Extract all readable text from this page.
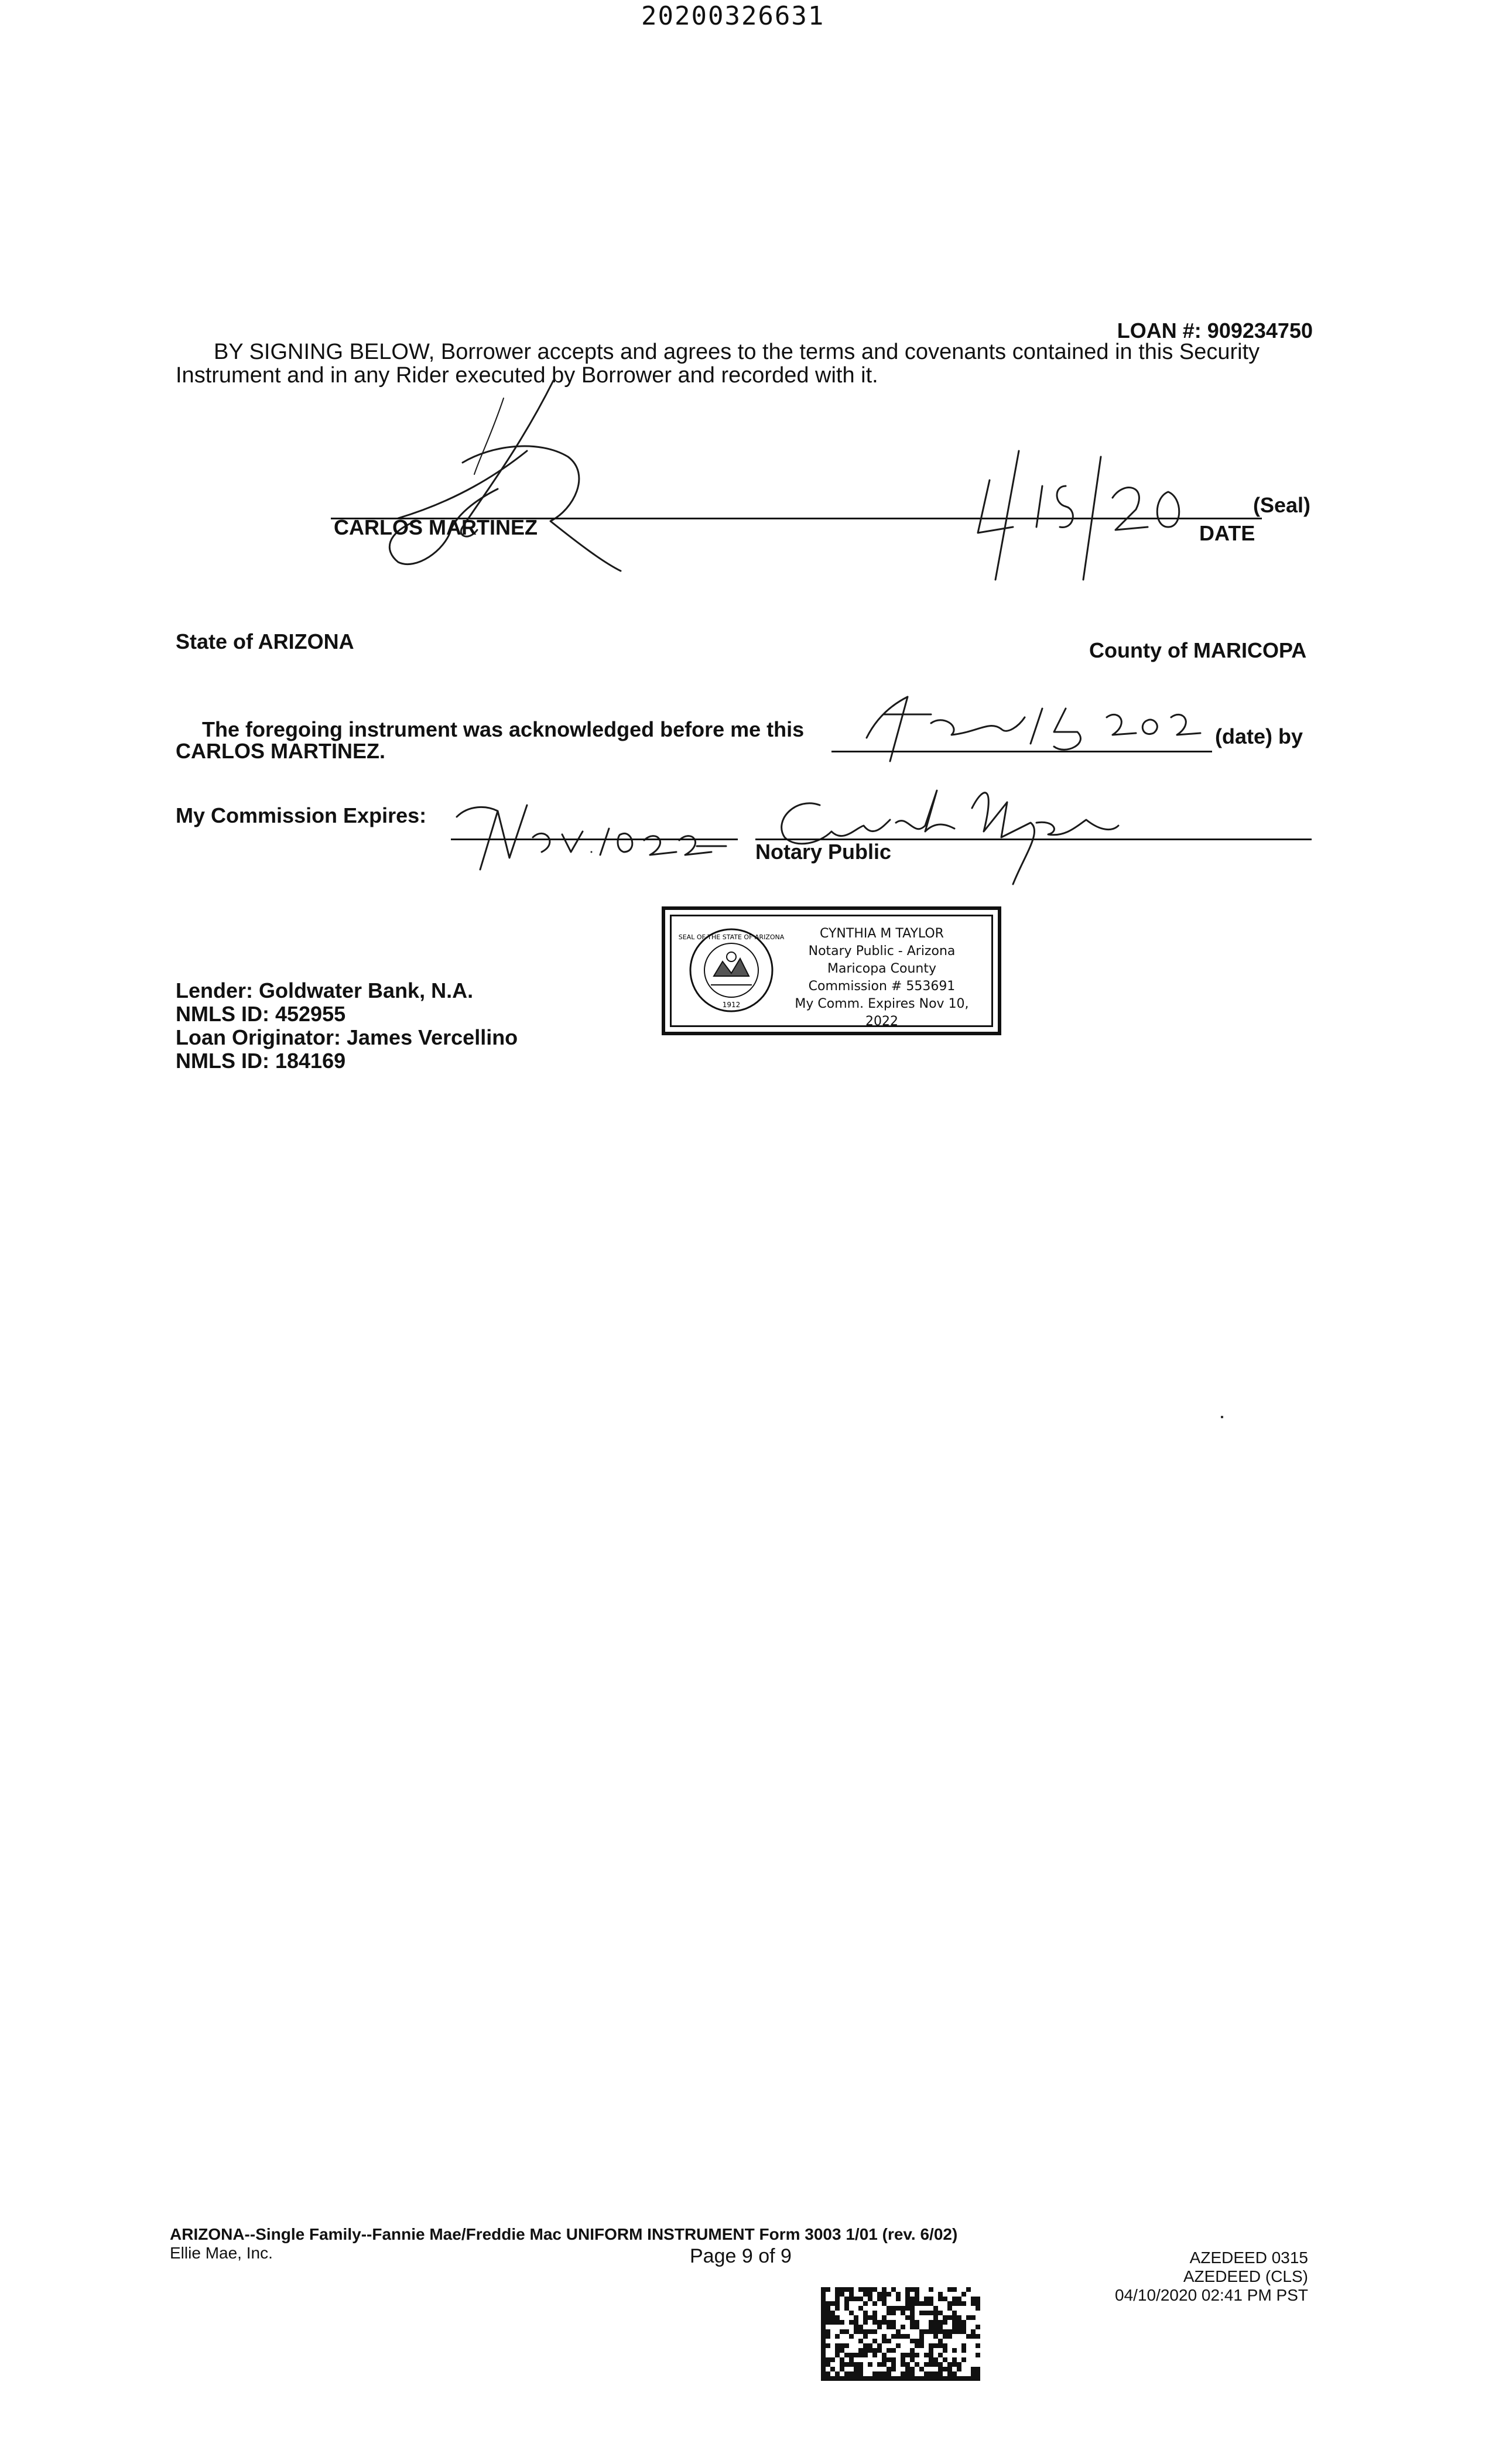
20200326631
LOAN #: 909234750
BY SIGNING BELOW, Borrower accepts and agrees to the terms and covenants contained in this Security
Instrument and in any Rider executed by Borrower and recorded with it.
CARLOS MARTINEZ
(Seal)
DATE
State of ARIZONA	County of MARICOPA
The foregoing instrument was acknowledged before me this	(date) by
CARLOS MARTINEZ.
My Commission Expires:
Notary Public
SEAL OF THE STATE OF ARIZONA
1912
CYNTHIA M TAYLOR
Notary Public - Arizona
Maricopa County
Commission # 553691
My Comm. Expires Nov 10, 2022
Lender: Goldwater Bank, N.A.
NMLS ID: 452955
Loan Originator: James Vercellino
NMLS ID: 184169
ARIZONA--Single Family--Fannie Mae/Freddie Mac UNIFORM INSTRUMENT Form 3003 1/01 (rev. 6/02)
Ellie Mae, Inc.	Page 9 of 9	AZEDEED 0315
AZEDEED (CLS)
04/10/2020 02:41 PM PST
